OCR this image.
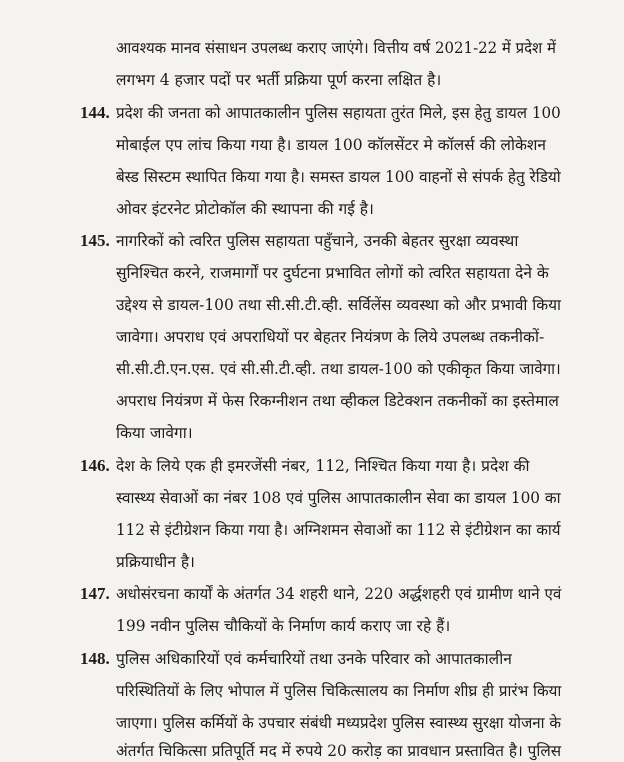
आवश्यक मानव संसाधन उपलब्ध कराए जाएंगे। वित्तीय वर्ष 2021-22 में प्रदेश में
लगभग 4 हजार पदों पर भर्ती प्रक्रिया पूर्ण करना लक्षित है।
144. प्रदेश की जनता को आपातकालीन पुलिस सहायता तुरंत मिले, इस हेतु डायल 100
मोबाईल एप लांच किया गया है। डायल 100 कॉलसेंटर मे कॉलर्स की लोकेशन
बेस्ड सिस्टम स्थापित किया गया है। समस्त डायल 100 वाहनों से संपर्क हेतु रेडियो
ओवर इंटरनेट प्रोटोकॉल की स्थापना की गई है।
145. नागरिकों को त्वरित पुलिस सहायता पहुँचाने, उनकी बेहतर सुरक्षा व्यवस्था
सुनिश्चित करने, राजमार्गों पर दुर्घटना प्रभावित लोगों को त्वरित सहायता देने के
उद्देश्य से डायल-100 तथा सी.सी.टी.व्ही. सर्विलेंस व्यवस्था को और प्रभावी किया
जावेगा। अपराध एवं अपराधियों पर बेहतर नियंत्रण के लिये उपलब्ध तकनीकों-
सी.सी.टी.एन.एस. एवं सी.सी.टी.व्ही. तथा डायल-100 को एकीकृत किया जावेगा।
अपराध नियंत्रण में फेस रिकग्नीशन तथा व्हीकल डिटेक्शन तकनीकों का इस्तेमाल
किया जावेगा।
146. देश के लिये एक ही इमरजेंसी नंबर, 112, निश्चित किया गया है। प्रदेश की
स्वास्थ्य सेवाओं का नंबर 108 एवं पुलिस आपातकालीन सेवा का डायल 100 का
112 से इंटीग्रेशन किया गया है। अग्निशमन सेवाओं का 112 से इंटीग्रेशन का कार्य
प्रक्रियाधीन है।
147. अधोसंरचना कार्यों के अंतर्गत 34 शहरी थाने, 220 अर्द्धशहरी एवं ग्रामीण थाने एवं
199 नवीन पुलिस चौकियों के निर्माण कार्य कराए जा रहे हैं।
148. पुलिस अधिकारियों एवं कर्मचारियों तथा उनके परिवार को आपातकालीन
परिस्थितियों के लिए भोपाल में पुलिस चिकित्सालय का निर्माण शीघ्र ही प्रारंभ किया
जाएगा। पुलिस कर्मियों के उपचार संबंधी मध्यप्रदेश पुलिस स्वास्थ्य सुरक्षा योजना के
अंतर्गत चिकित्सा प्रतिपूर्ति मद में रुपये 20 करोड़ का प्रावधान प्रस्तावित है। पुलिस
